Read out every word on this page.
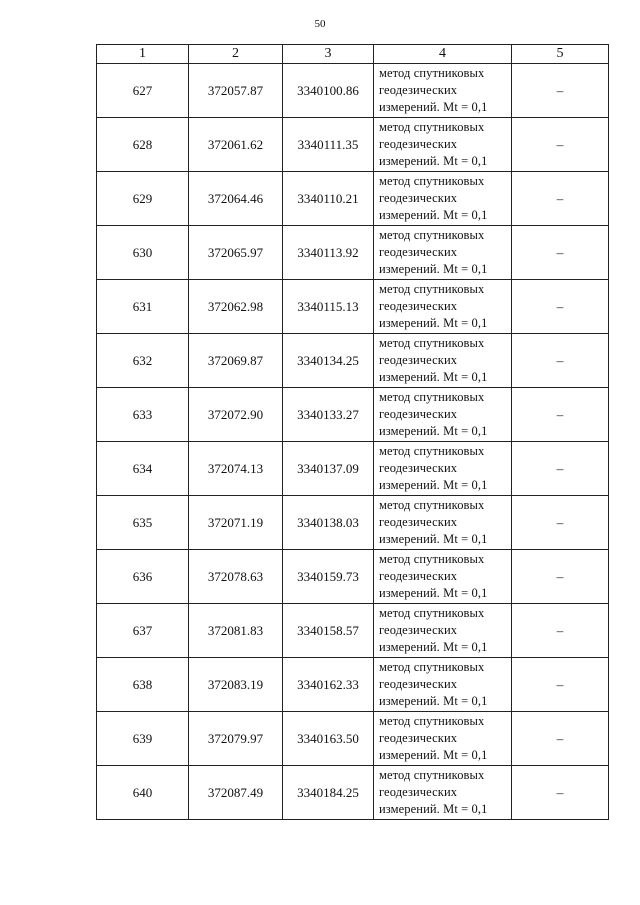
50
1	2	3	4	5
627	372057.87	3340100.86	метод спутниковых
геодезических
измерений. Mt = 0,1	–
628	372061.62	3340111.35	метод спутниковых
геодезических
измерений. Mt = 0,1	–
629	372064.46	3340110.21	метод спутниковых
геодезических
измерений. Mt = 0,1	–
630	372065.97	3340113.92	метод спутниковых
геодезических
измерений. Mt = 0,1	–
631	372062.98	3340115.13	метод спутниковых
геодезических
измерений. Mt = 0,1	–
632	372069.87	3340134.25	метод спутниковых
геодезических
измерений. Mt = 0,1	–
633	372072.90	3340133.27	метод спутниковых
геодезических
измерений. Mt = 0,1	–
634	372074.13	3340137.09	метод спутниковых
геодезических
измерений. Mt = 0,1	–
635	372071.19	3340138.03	метод спутниковых
геодезических
измерений. Mt = 0,1	–
636	372078.63	3340159.73	метод спутниковых
геодезических
измерений. Mt = 0,1	–
637	372081.83	3340158.57	метод спутниковых
геодезических
измерений. Mt = 0,1	–
638	372083.19	3340162.33	метод спутниковых
геодезических
измерений. Mt = 0,1	–
639	372079.97	3340163.50	метод спутниковых
геодезических
измерений. Mt = 0,1	–
640	372087.49	3340184.25	метод спутниковых
геодезических
измерений. Mt = 0,1	–
